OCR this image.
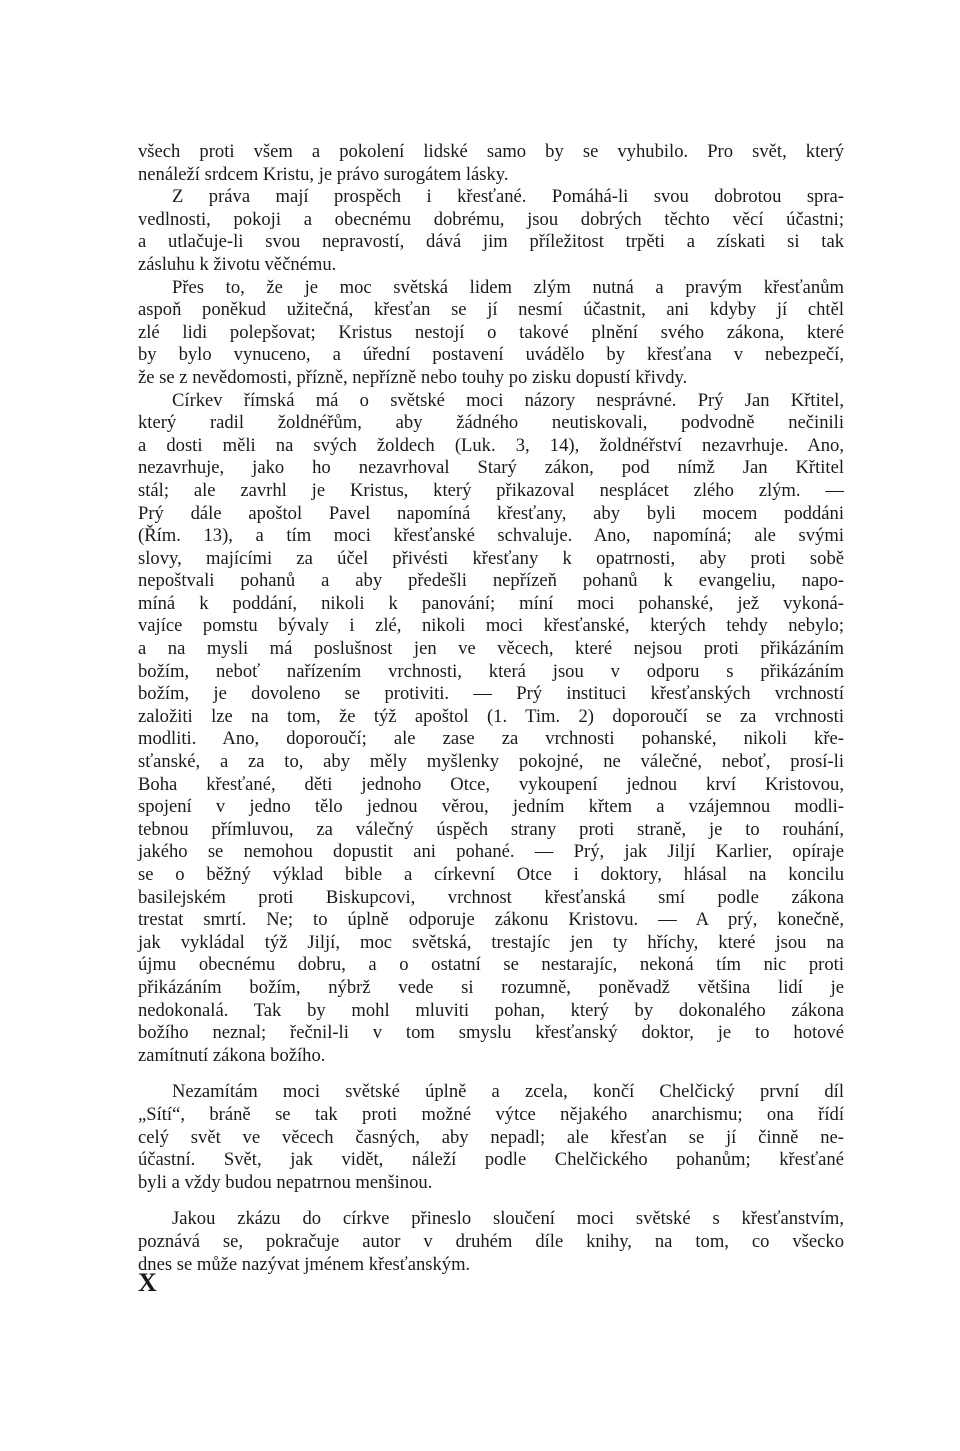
všech proti všem a pokolení lidské samo by se vyhubilo. Pro svět, který
nenáleží srdcem Kristu, je právo surogátem lásky.
Z práva mají prospěch i křesťané. Pomáhá-li svou dobrotou spra-
vedlnosti, pokoji a obecnému dobrému, jsou dobrých těchto věcí účastni;
a utlačuje-li svou nepravostí, dává jim příležitost trpěti a získati si tak
zásluhu k životu věčnému.
Přes to, že je moc světská lidem zlým nutná a pravým křesťanům
aspoň poněkud užitečná, křesťan se jí nesmí účastnit, ani kdyby jí chtěl
zlé lidi polepšovat; Kristus nestojí o takové plnění svého zákona, které
by bylo vynuceno, a úřední postavení uvádělo by křesťana v nebezpečí,
že se z nevědomosti, přízně, nepřízně nebo touhy po zisku dopustí křivdy.
Církev římská má o světské moci názory nesprávné. Prý Jan Křtitel,
který radil žoldnéřům, aby žádného neutiskovali, podvodně nečinili
a dosti měli na svých žoldech (Luk. 3, 14), žoldnéřství nezavrhuje. Ano,
nezavrhuje, jako ho nezavrhoval Starý zákon, pod nímž Jan Křtitel
stál; ale zavrhl je Kristus, který přikazoval nesplácet zlého zlým. —
Prý dále apoštol Pavel napomíná křesťany, aby byli mocem poddáni
(Řím. 13), a tím moci křesťanské schvaluje. Ano, napomíná; ale svými
slovy, majícími za účel přivésti křesťany k opatrnosti, aby proti sobě
nepoštvali pohanů a aby předešli nepřízeň pohanů k evangeliu, napo-
míná k poddání, nikoli k panování; míní moci pohanské, jež vykoná-
vajíce pomstu bývaly i zlé, nikoli moci křesťanské, kterých tehdy nebylo;
a na mysli má poslušnost jen ve věcech, které nejsou proti přikázáním
božím, neboť nařízením vrchnosti, která jsou v odporu s přikázáním
božím, je dovoleno se protiviti. — Prý instituci křesťanských vrchností
založiti lze na tom, že týž apoštol (1. Tim. 2) doporoučí se za vrchnosti
modliti. Ano, doporoučí; ale zase za vrchnosti pohanské, nikoli kře-
sťanské, a za to, aby měly myšlenky pokojné, ne válečné, neboť, prosí-li
Boha křesťané, děti jednoho Otce, vykoupení jednou krví Kristovou,
spojení v jedno tělo jednou věrou, jedním křtem a vzájemnou modli-
tebnou přímluvou, za válečný úspěch strany proti straně, je to rouhání,
jakého se nemohou dopustit ani pohané. — Prý, jak Jiljí Karlier, opíraje
se o běžný výklad bible a církevní Otce i doktory, hlásal na koncilu
basilejském proti Biskupcovi, vrchnost křesťanská smí podle zákona
trestat smrtí. Ne; to úplně odporuje zákonu Kristovu. — A prý, konečně,
jak vykládal týž Jiljí, moc světská, trestajíc jen ty hříchy, které jsou na
újmu obecnému dobru, a o ostatní se nestarajíc, nekoná tím nic proti
přikázáním božím, nýbrž vede si rozumně, poněvadž většina lidí je
nedokonalá. Tak by mohl mluviti pohan, který by dokonalého zákona
božího neznal; řečnil-li v tom smyslu křesťanský doktor, je to hotové
zamítnutí zákona božího.
Nezamítám moci světské úplně a zcela, končí Chelčický první díl
„Sítí“, bráně se tak proti možné výtce nějakého anarchismu; ona řídí
celý svět ve věcech časných, aby nepadl; ale křesťan se jí činně ne-
účastní. Svět, jak vidět, náleží podle Chelčického pohanům; křesťané
byli a vždy budou nepatrnou menšinou.
Jakou zkázu do církve přineslo sloučení moci světské s křesťanstvím,
poznává se, pokračuje autor v druhém díle knihy, na tom, co všecko
dnes se může nazývat jménem křesťanským.
X
